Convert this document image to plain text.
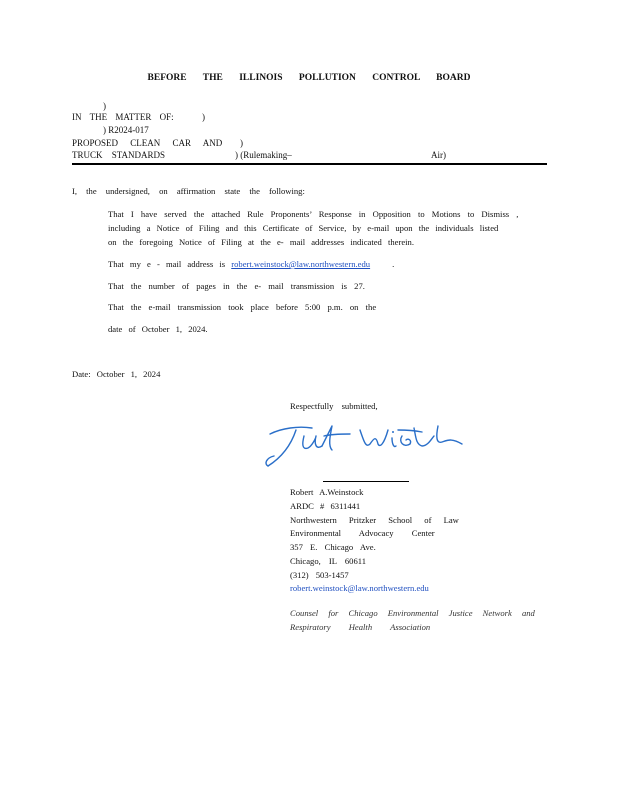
BEFORE THE ILLINOIS POLLUTION CONTROL BOARD
)
IN THE MATTER OF:	)
) R2024-017
PROPOSED CLEAN CAR AND )
TRUCK STANDARDS	) (Rulemaking–	Air)
I, the undersigned, on affirmation state the following:
That I have served the attached Rule Proponents’ Response in Opposition to Motions to Dismiss ,
including a Notice of Filing and this Certificate of Service, by e-mail upon the individuals listed
on the foregoing Notice of Filing at the e- mail addresses indicated therein.
That my e - mail address is robert.weinstock@law.northwestern.edu	.
That the number of pages in the e- mail transmission is 27.
That the e-mail transmission took place before 5:00 p.m. on the
date of October 1, 2024.
Date: October 1, 2024
Respectfully submitted,
Robert A.Weinstock
ARDC # 6311441
Northwestern Pritzker School of Law
Environmental Advocacy Center
357 E. Chicago Ave.
Chicago, IL 60611
(312) 503-1457
robert.weinstock@law.northwestern.edu
Counsel for Chicago Environmental Justice Network and
Respiratory Health Association
